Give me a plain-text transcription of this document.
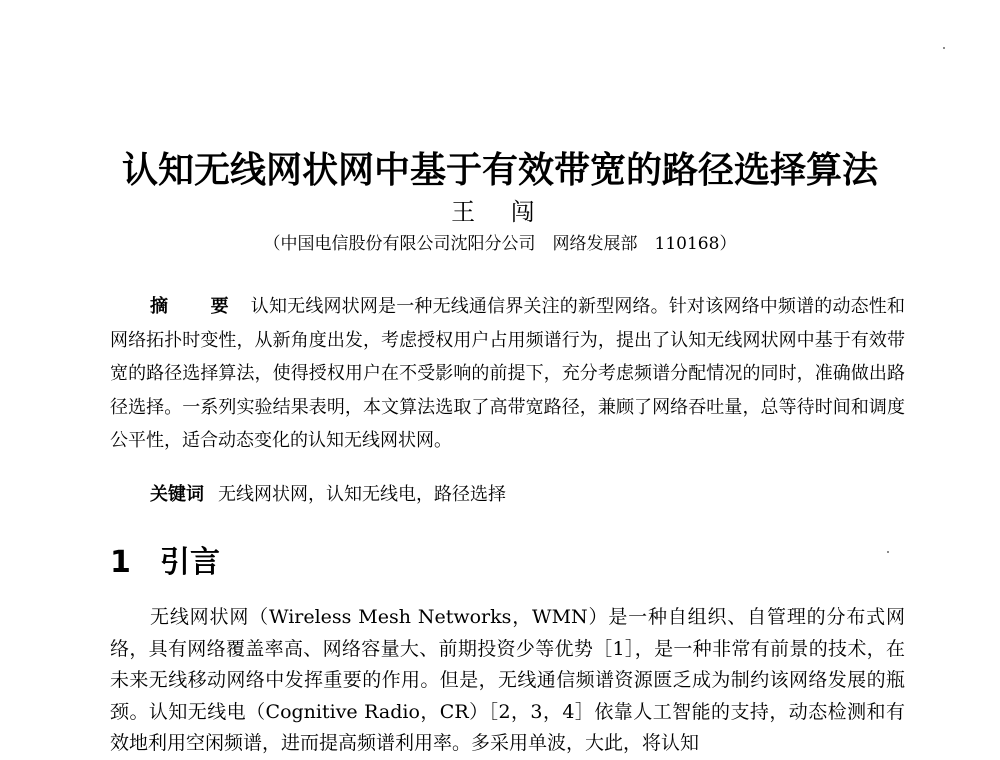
认知无线网状网中基于有效带宽的路径选择算法
王 闯
（中国电信股份有限公司沈阳分公司　网络发展部　110168）
摘 要 认知无线网状网是一种无线通信界关注的新型网络。针对该网络中频谱的动态性和网络拓扑时变性，从新角度出发，考虑授权用户占用频谱行为，提出了认知无线网状网中基于有效带宽的路径选择算法，使得授权用户在不受影响的前提下，充分考虑频谱分配情况的同时，准确做出路径选择。一系列实验结果表明，本文算法选取了高带宽路径，兼顾了网络吞吐量，总等待时间和调度公平性，适合动态变化的认知无线网状网。
关键词 无线网状网，认知无线电，路径选择
1 引言
无线网状网（Wireless Mesh Networks，WMN）是一种自组织、自管理的分布式网络，具有网络覆盖率高、网络容量大、前期投资少等优势［1］，是一种非常有前景的技术，在未来无线移动网络中发挥重要的作用。但是，无线通信频谱资源匮乏成为制约该网络发展的瓶颈。认知无线电（Cognitive Radio，CR）［2，3，4］依靠人工智能的支持，动态检测和有效地利用空闲频谱，进而提高频谱利用率。多采用单波，大此，将认知
